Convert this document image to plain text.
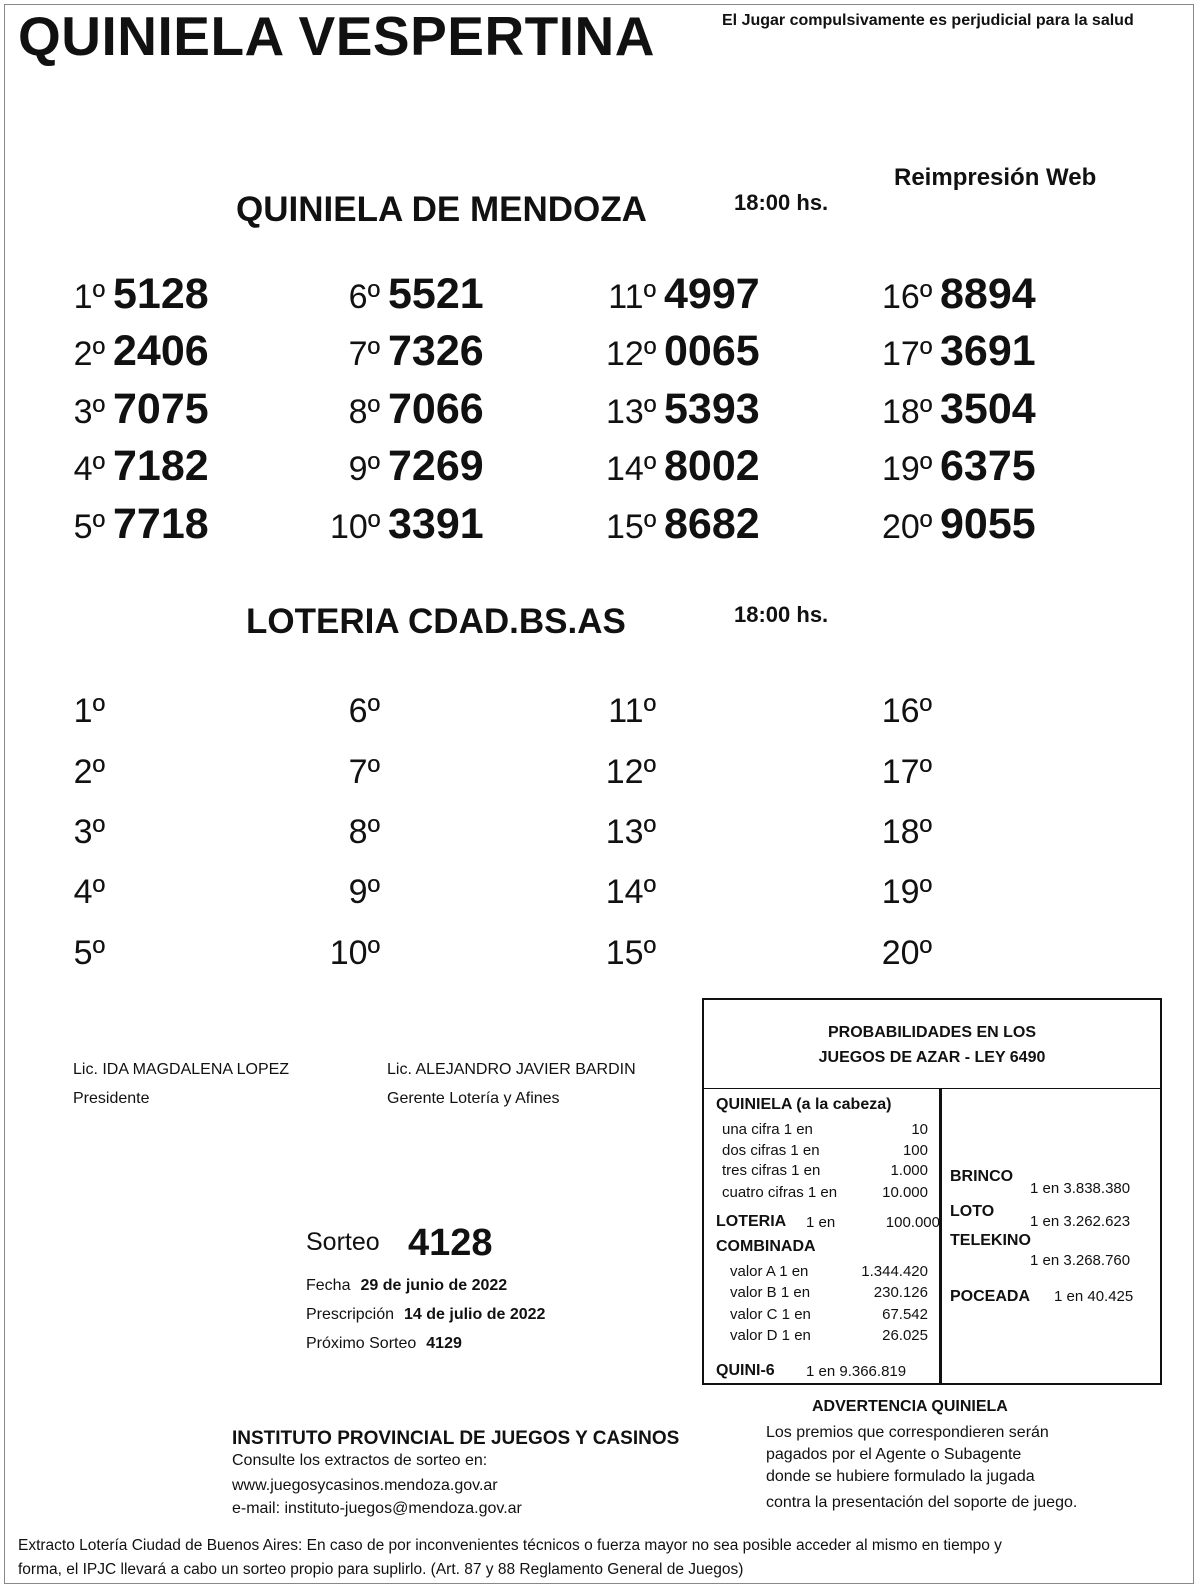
QUINIELA VESPERTINA	El Jugar compulsivamente es perjudicial para la salud
Reimpresión Web
QUINIELA DE MENDOZA	18:00 hs.
1º 5128
2º 2406
3º 7075
4º 7182
5º 7718
6º 5521
7º 7326
8º 7066
9º 7269
10º 3391
11º 4997
12º 0065
13º 5393
14º 8002
15º 8682
16º 8894
17º 3691
18º 3504
19º 6375
20º 9055
LOTERIA CDAD.BS.AS	18:00 hs.
1º
2º
3º
4º
5º
6º
7º
8º
9º
10º
11º
12º
13º
14º
15º
16º
17º
18º
19º
20º
Lic. IDA MAGDALENA LOPEZ
Presidente
Lic. ALEJANDRO JAVIER BARDIN
Gerente Lotería y Afines
Sorteo 4128
Fecha 29 de junio de 2022
Prescripción 14 de julio de 2022
Próximo Sorteo 4129
PROBABILIDADES EN LOS
JUEGOS DE AZAR - LEY 6490
QUINIELA (a la cabeza)
una cifra 1 en	10
dos cifras 1 en	100
tres cifras 1 en	1.000
cuatro cifras 1 en	10.000
LOTERIA 1 en	100.000
COMBINADA
valor A 1 en	1.344.420
valor B 1 en	230.126
valor C 1 en	67.542
valor D 1 en	26.025
QUINI-6 1 en 9.366.819
BRINCO
1 en 3.838.380
LOTO
1 en 3.262.623
TELEKINO
1 en 3.268.760
POCEADA 1 en 40.425
ADVERTENCIA QUINIELA
Los premios que correspondieren serán
pagados por el Agente o Subagente
donde se hubiere formulado la jugada
contra la presentación del soporte de juego.
INSTITUTO PROVINCIAL DE JUEGOS Y CASINOS
Consulte los extractos de sorteo en:
www.juegosycasinos.mendoza.gov.ar
e-mail: instituto-juegos@mendoza.gov.ar
Extracto Lotería Ciudad de Buenos Aires: En caso de por inconvenientes técnicos o fuerza mayor no sea posible acceder al mismo en tiempo y
forma, el IPJC llevará a cabo un sorteo propio para suplirlo. (Art. 87 y 88 Reglamento General de Juegos)
